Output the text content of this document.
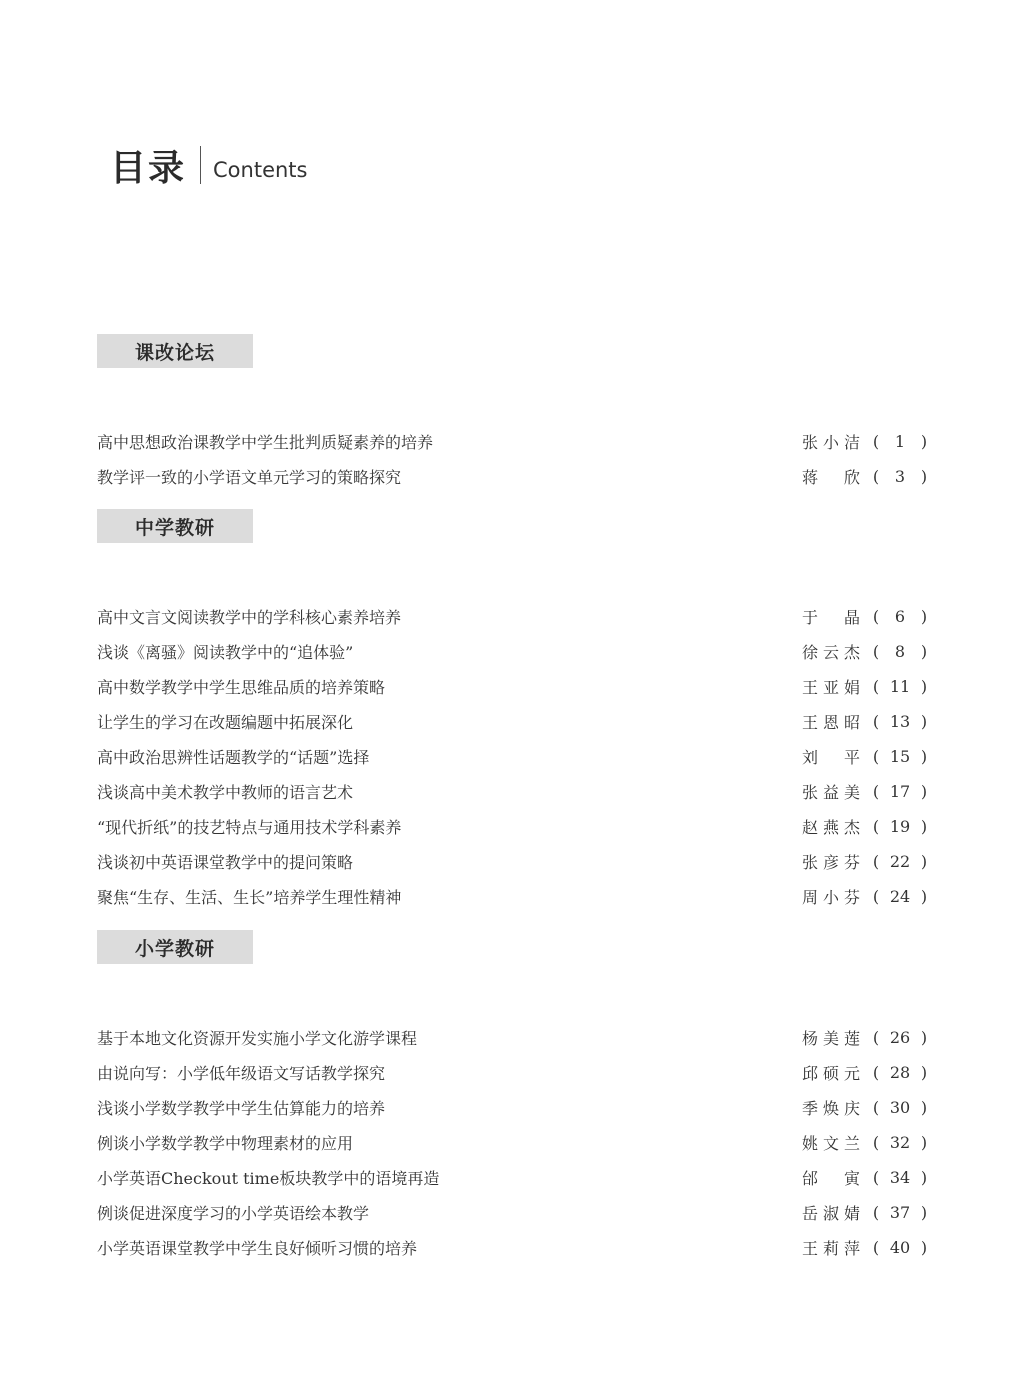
目录 Contents
课改论坛
高中思想政治课教学中学生批判质疑素养的培养	张小洁 ( 1 )
教学评一致的小学语文单元学习的策略探究	蒋欣 ( 3 )
中学教研
高中文言文阅读教学中的学科核心素养培养	于晶 ( 6 )
浅谈《离骚》阅读教学中的“追体验”	徐云杰 ( 8 )
高中数学教学中学生思维品质的培养策略	王亚娟 ( 11 )
让学生的学习在改题编题中拓展深化	王恩昭 ( 13 )
高中政治思辨性话题教学的“话题”选择	刘平 ( 15 )
浅谈高中美术教学中教师的语言艺术	张益美 ( 17 )
“现代折纸”的技艺特点与通用技术学科素养	赵燕杰 ( 19 )
浅谈初中英语课堂教学中的提问策略	张彦芬 ( 22 )
聚焦“生存、生活、生长”培养学生理性精神	周小芬 ( 24 )
小学教研
基于本地文化资源开发实施小学文化游学课程	杨美莲 ( 26 )
由说向写：小学低年级语文写话教学探究	邱硕元 ( 28 )
浅谈小学数学教学中学生估算能力的培养	季焕庆 ( 30 )
例谈小学数学教学中物理素材的应用	姚文兰 ( 32 )
小学英语Checkout time板块教学中的语境再造	邰寅 ( 34 )
例谈促进深度学习的小学英语绘本教学	岳淑婧 ( 37 )
小学英语课堂教学中学生良好倾听习惯的培养	王莉萍 ( 40 )
